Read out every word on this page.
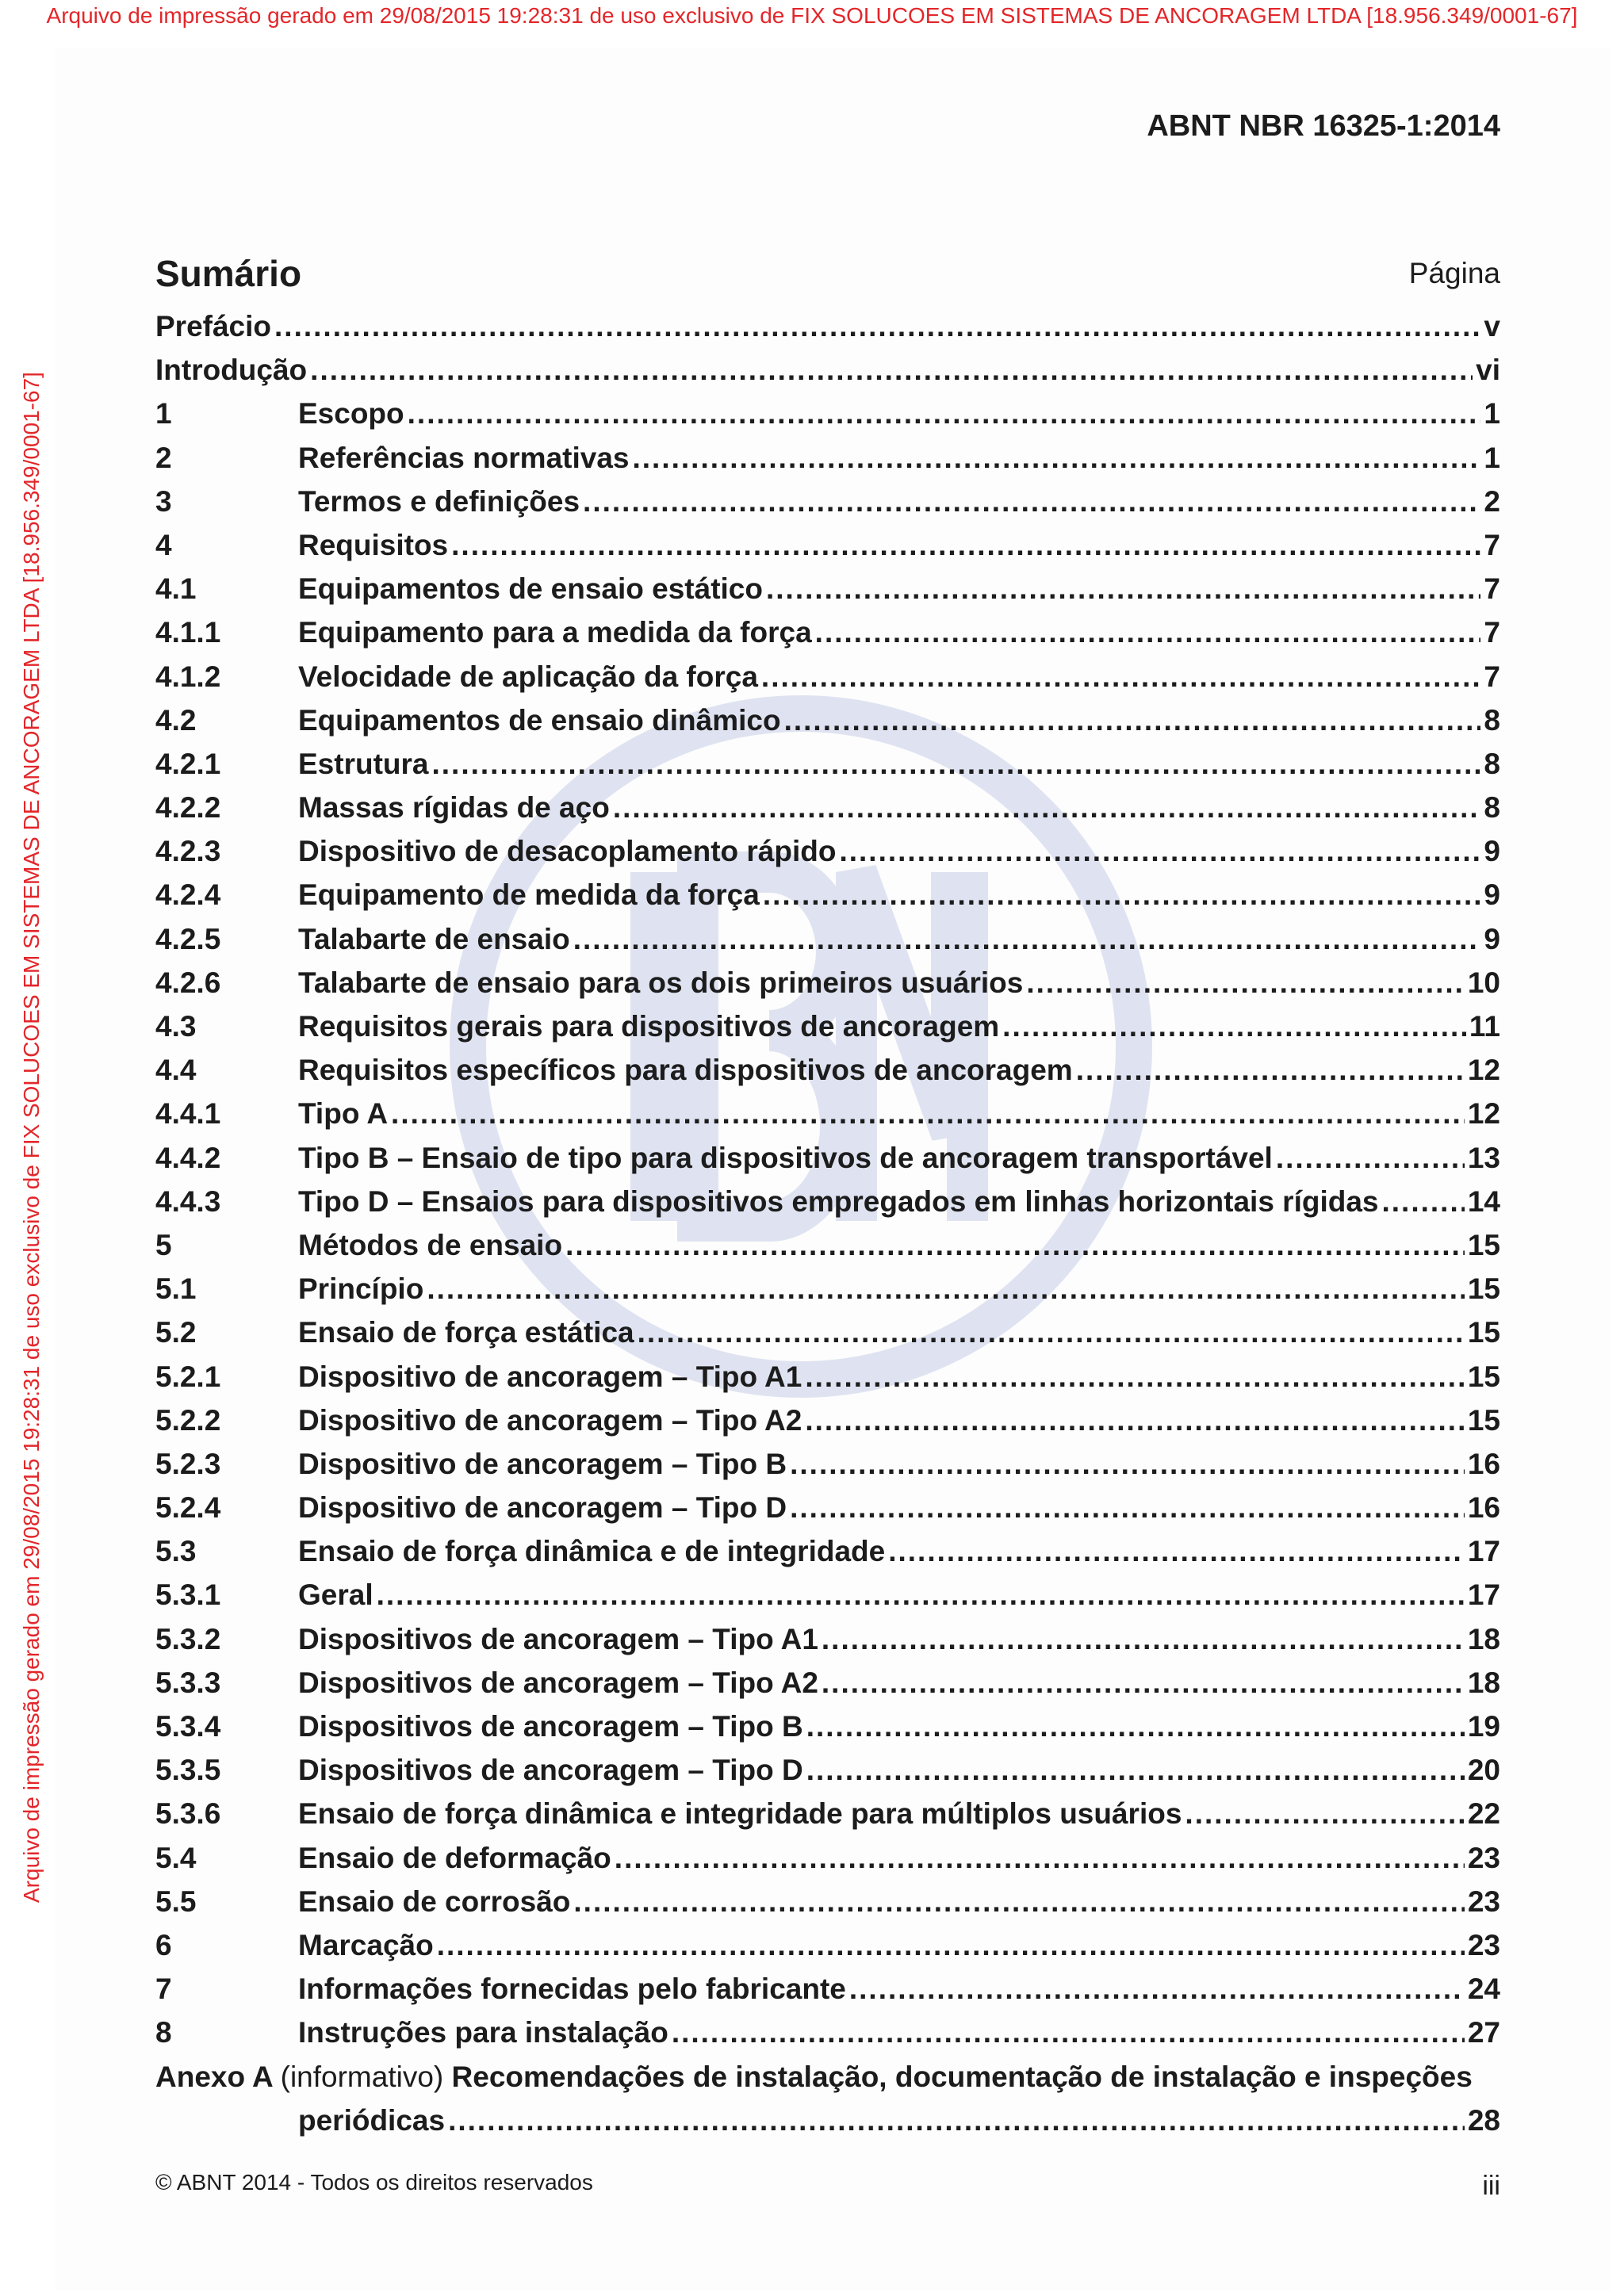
Arquivo de impressão gerado em 29/08/2015 19:28:31 de uso exclusivo de FIX SOLUCOES EM SISTEMAS DE ANCORAGEM LTDA [18.956.349/0001-67]
Arquivo de impressão gerado em 29/08/2015 19:28:31 de uso exclusivo de FIX SOLUCOES EM SISTEMAS DE ANCORAGEM LTDA [18.956.349/0001-67]
ABNT NBR 16325-1:2014
Sumário	Página
Prefácio .....	v
Introdução .....	vi
1	Escopo .....	1
2	Referências normativas .....	1
3	Termos e definições .....	2
4	Requisitos .....	7
4.1	Equipamentos de ensaio estático .....	7
4.1.1	Equipamento para a medida da força .....	7
4.1.2	Velocidade de aplicação da força .....	7
4.2	Equipamentos de ensaio dinâmico .....	8
4.2.1	Estrutura .....	8
4.2.2	Massas rígidas de aço .....	8
4.2.3	Dispositivo de desacoplamento rápido .....	9
4.2.4	Equipamento de medida da força .....	9
4.2.5	Talabarte de ensaio .....	9
4.2.6	Talabarte de ensaio para os dois primeiros usuários .....	10
4.3	Requisitos gerais para dispositivos de ancoragem .....	11
4.4	Requisitos específicos para dispositivos de ancoragem .....	12
4.4.1	Tipo A .....	12
4.4.2	Tipo B – Ensaio de tipo para dispositivos de ancoragem transportável .....	13
4.4.3	Tipo D – Ensaios para dispositivos empregados em linhas horizontais rígidas .....	14
5	Métodos de ensaio .....	15
5.1	Princípio .....	15
5.2	Ensaio de força estática .....	15
5.2.1	Dispositivo de ancoragem – Tipo A1 .....	15
5.2.2	Dispositivo de ancoragem – Tipo A2 .....	15
5.2.3	Dispositivo de ancoragem – Tipo B .....	16
5.2.4	Dispositivo de ancoragem – Tipo D .....	16
5.3	Ensaio de força dinâmica e de integridade .....	17
5.3.1	Geral .....	17
5.3.2	Dispositivos de ancoragem – Tipo A1 .....	18
5.3.3	Dispositivos de ancoragem – Tipo A2 .....	18
5.3.4	Dispositivos de ancoragem – Tipo B .....	19
5.3.5	Dispositivos de ancoragem – Tipo D .....	20
5.3.6	Ensaio de força dinâmica e integridade para múltiplos usuários .....	22
5.4	Ensaio de deformação .....	23
5.5	Ensaio de corrosão .....	23
6	Marcação .....	23
7	Informações fornecidas pelo fabricante .....	24
8	Instruções para instalação .....	27
Anexo A (informativo) Recomendações de instalação, documentação de instalação e inspeções
periódicas .....	28
© ABNT 2014 - Todos os direitos reservados	iii
